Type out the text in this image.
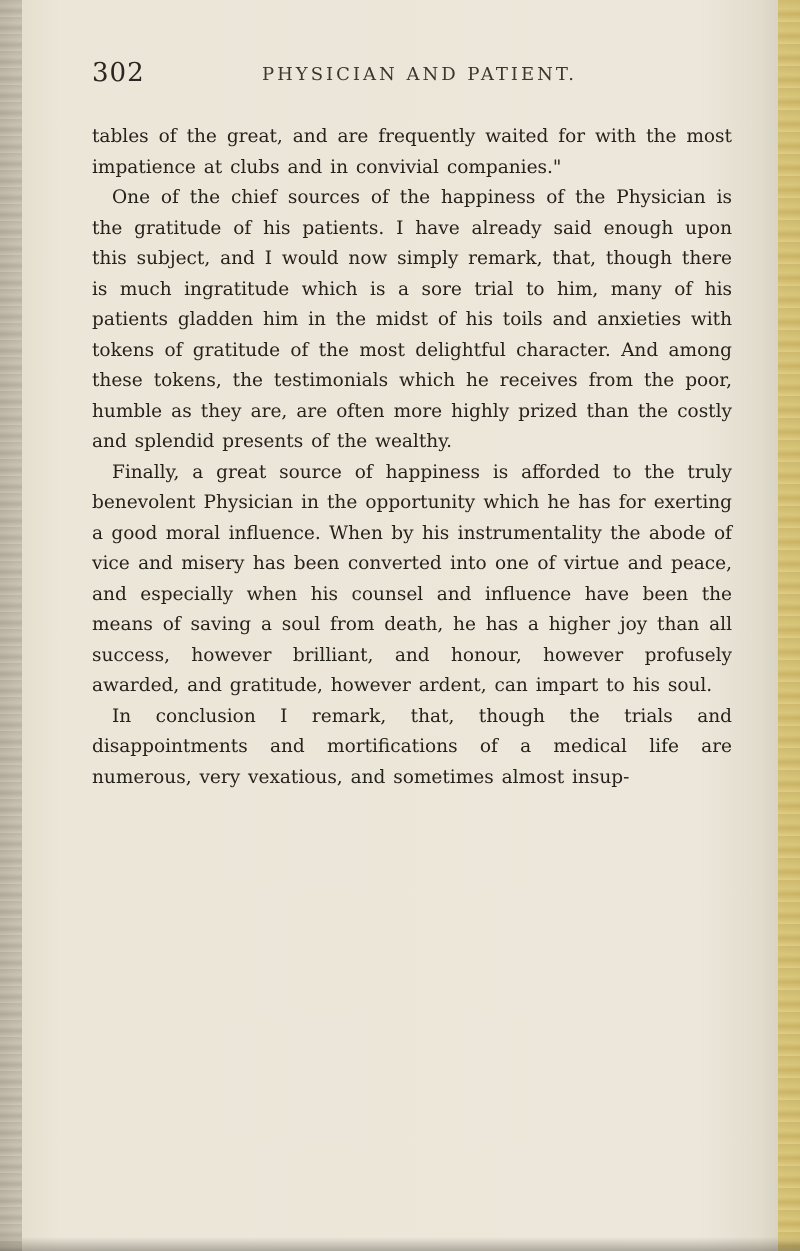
302	PHYSICIAN AND PATIENT.

tables of the great, and are frequently waited for with the most impatience at clubs and in convivial companies."

One of the chief sources of the happiness of the Physician is the gratitude of his patients. I have already said enough upon this subject, and I would now simply remark, that, though there is much ingratitude which is a sore trial to him, many of his patients gladden him in the midst of his toils and anxieties with tokens of gratitude of the most delightful character. And among these tokens, the testimonials which he receives from the poor, humble as they are, are often more highly prized than the costly and splendid presents of the wealthy.

Finally, a great source of happiness is afforded to the truly benevolent Physician in the opportunity which he has for exerting a good moral influence. When by his instrumentality the abode of vice and misery has been converted into one of virtue and peace, and especially when his counsel and influence have been the means of saving a soul from death, he has a higher joy than all success, however brilliant, and honour, however profusely awarded, and gratitude, however ardent, can impart to his soul.

In conclusion I remark, that, though the trials and disappointments and mortifications of a medical life are numerous, very vexatious, and sometimes almost insup-
